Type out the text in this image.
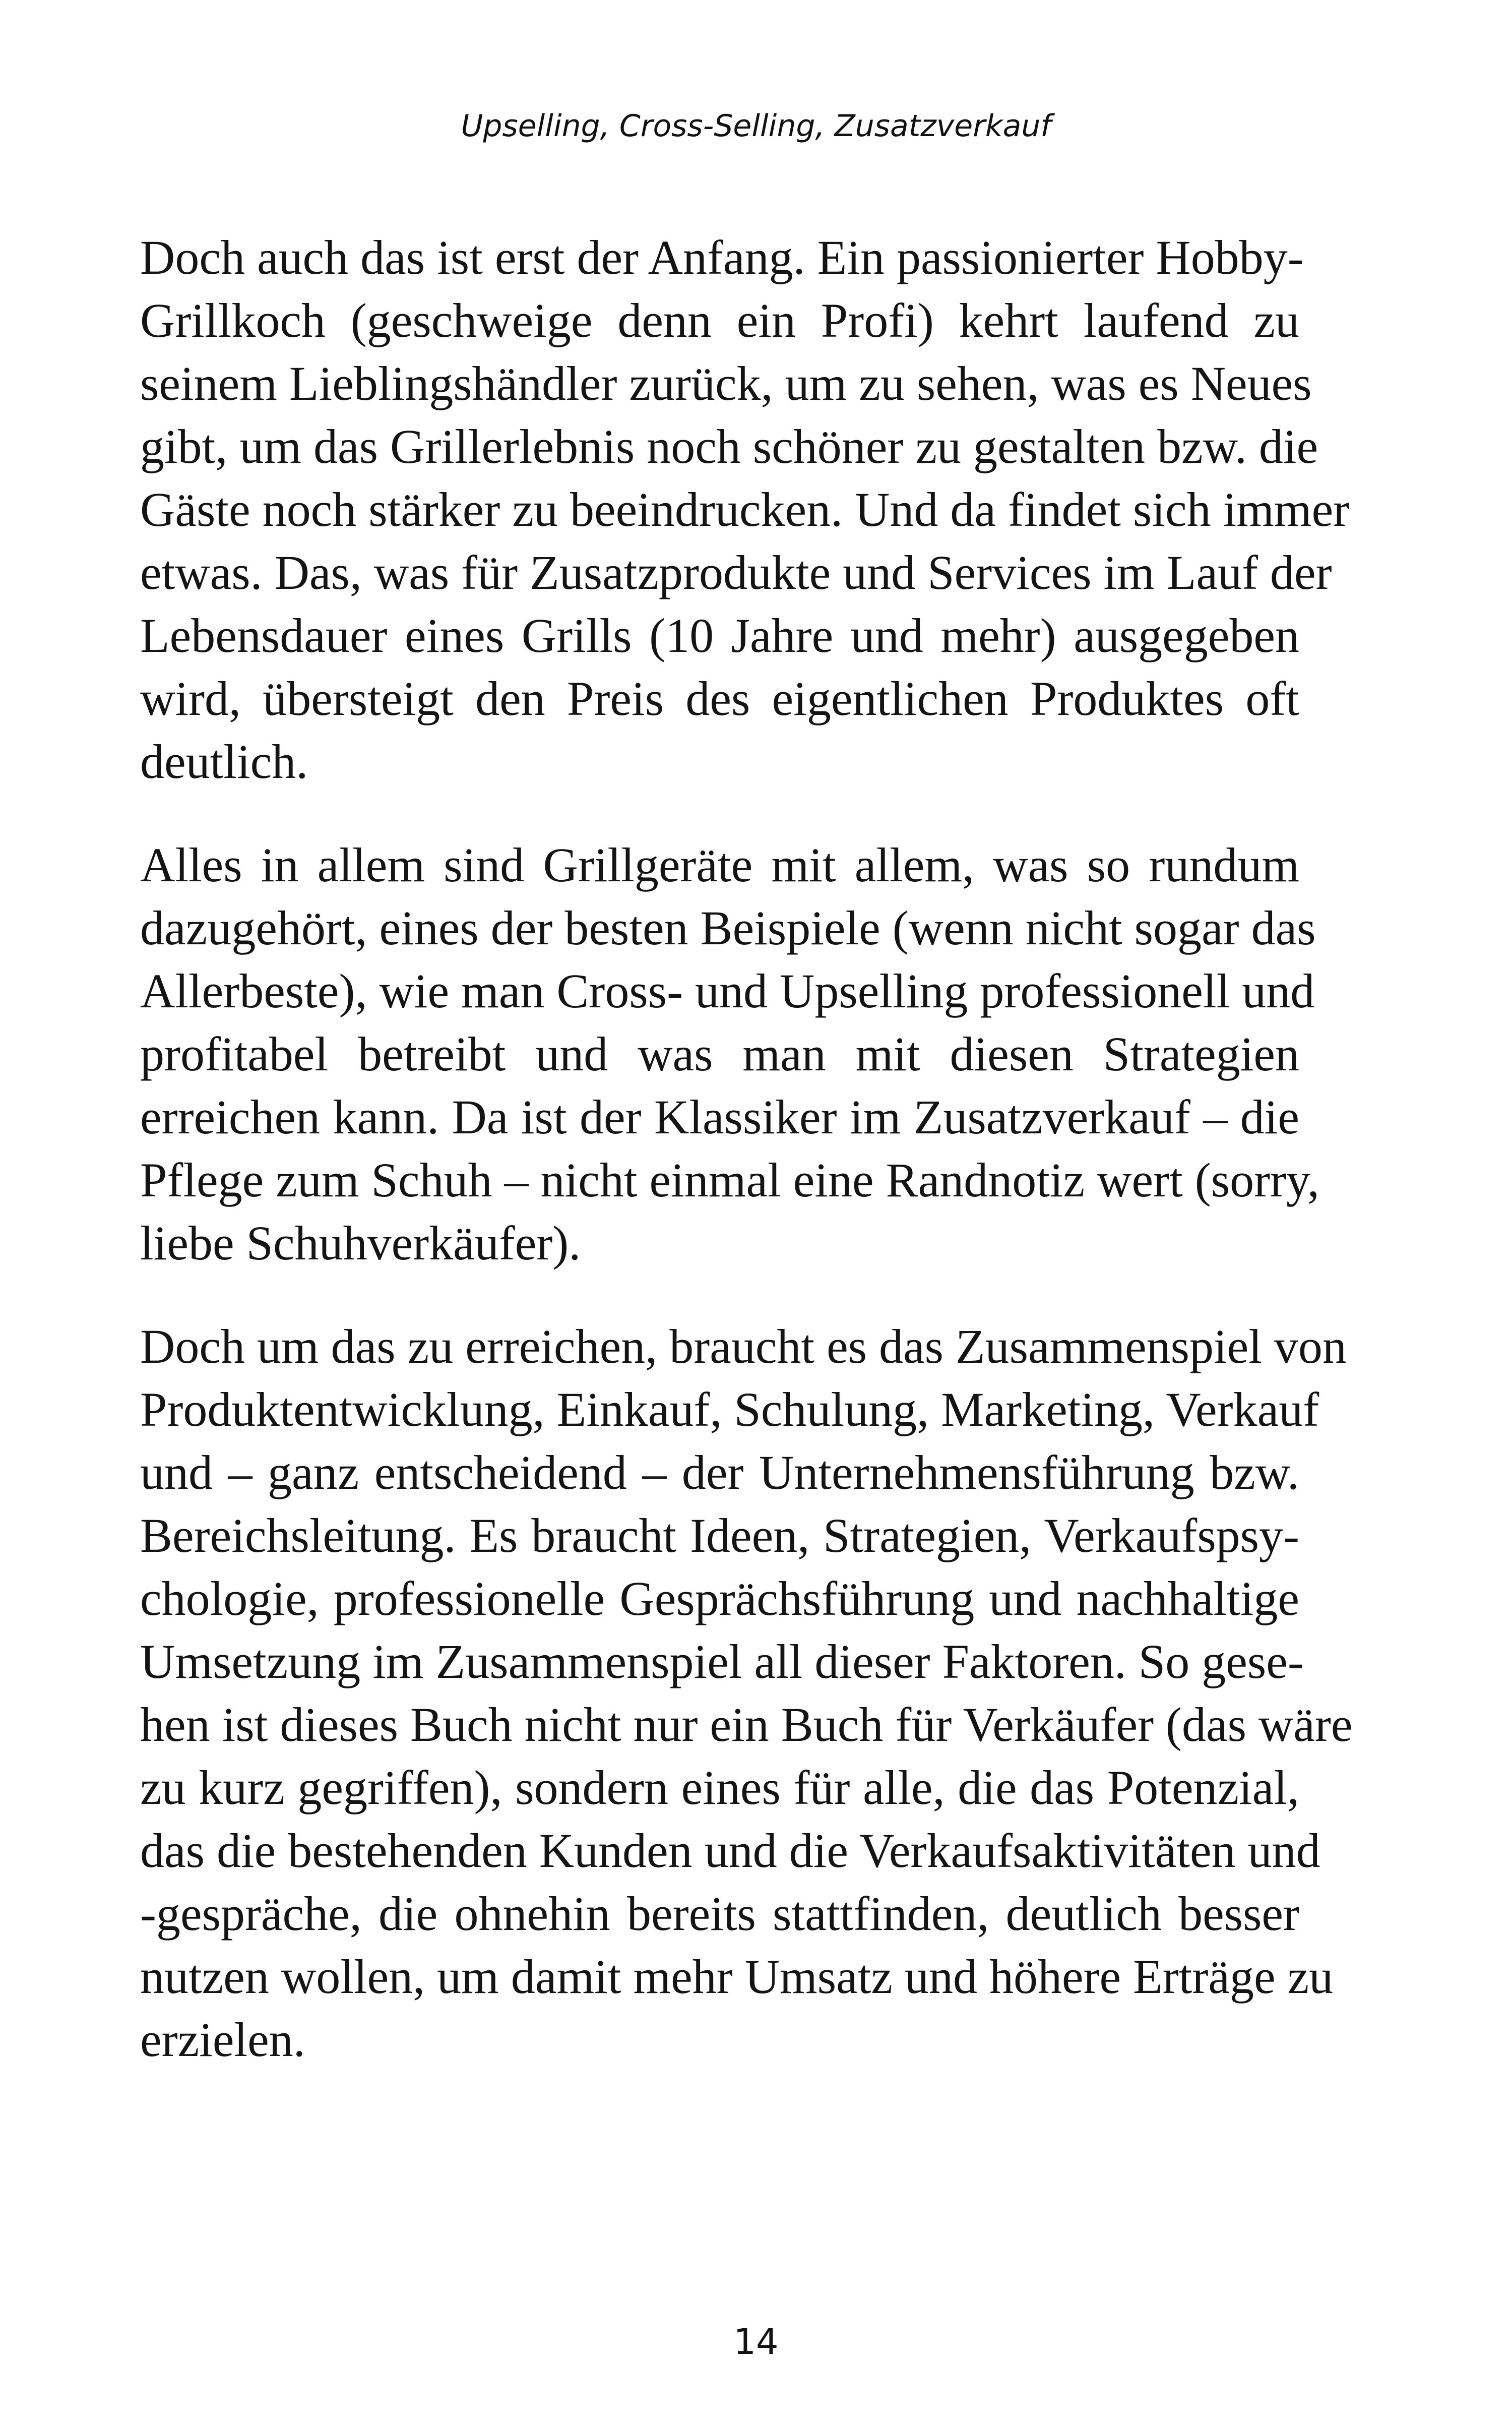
Upselling, Cross-Selling, Zusatzverkauf

Doch auch das ist erst der Anfang. Ein passionierter Hobby-
Grillkoch (geschweige denn ein Profi) kehrt laufend zu
seinem Lieblingshändler zurück, um zu sehen, was es Neues
gibt, um das Grillerlebnis noch schöner zu gestalten bzw. die
Gäste noch stärker zu beeindrucken. Und da findet sich immer
etwas. Das, was für Zusatzprodukte und Services im Lauf der
Lebensdauer eines Grills (10 Jahre und mehr) ausgegeben
wird, übersteigt den Preis des eigentlichen Produktes oft
deutlich.

Alles in allem sind Grillgeräte mit allem, was so rundum
dazugehört, eines der besten Beispiele (wenn nicht sogar das
Allerbeste), wie man Cross- und Upselling professionell und
profitabel betreibt und was man mit diesen Strategien
erreichen kann. Da ist der Klassiker im Zusatzverkauf – die
Pflege zum Schuh – nicht einmal eine Randnotiz wert (sorry,
liebe Schuhverkäufer).

Doch um das zu erreichen, braucht es das Zusammenspiel von
Produktentwicklung, Einkauf, Schulung, Marketing, Verkauf
und – ganz entscheidend – der Unternehmensführung bzw.
Bereichsleitung. Es braucht Ideen, Strategien, Verkaufspsy-
chologie, professionelle Gesprächsführung und nachhaltige
Umsetzung im Zusammenspiel all dieser Faktoren. So gese-
hen ist dieses Buch nicht nur ein Buch für Verkäufer (das wäre
zu kurz gegriffen), sondern eines für alle, die das Potenzial,
das die bestehenden Kunden und die Verkaufsaktivitäten und
-gespräche, die ohnehin bereits stattfinden, deutlich besser
nutzen wollen, um damit mehr Umsatz und höhere Erträge zu
erzielen.

14
